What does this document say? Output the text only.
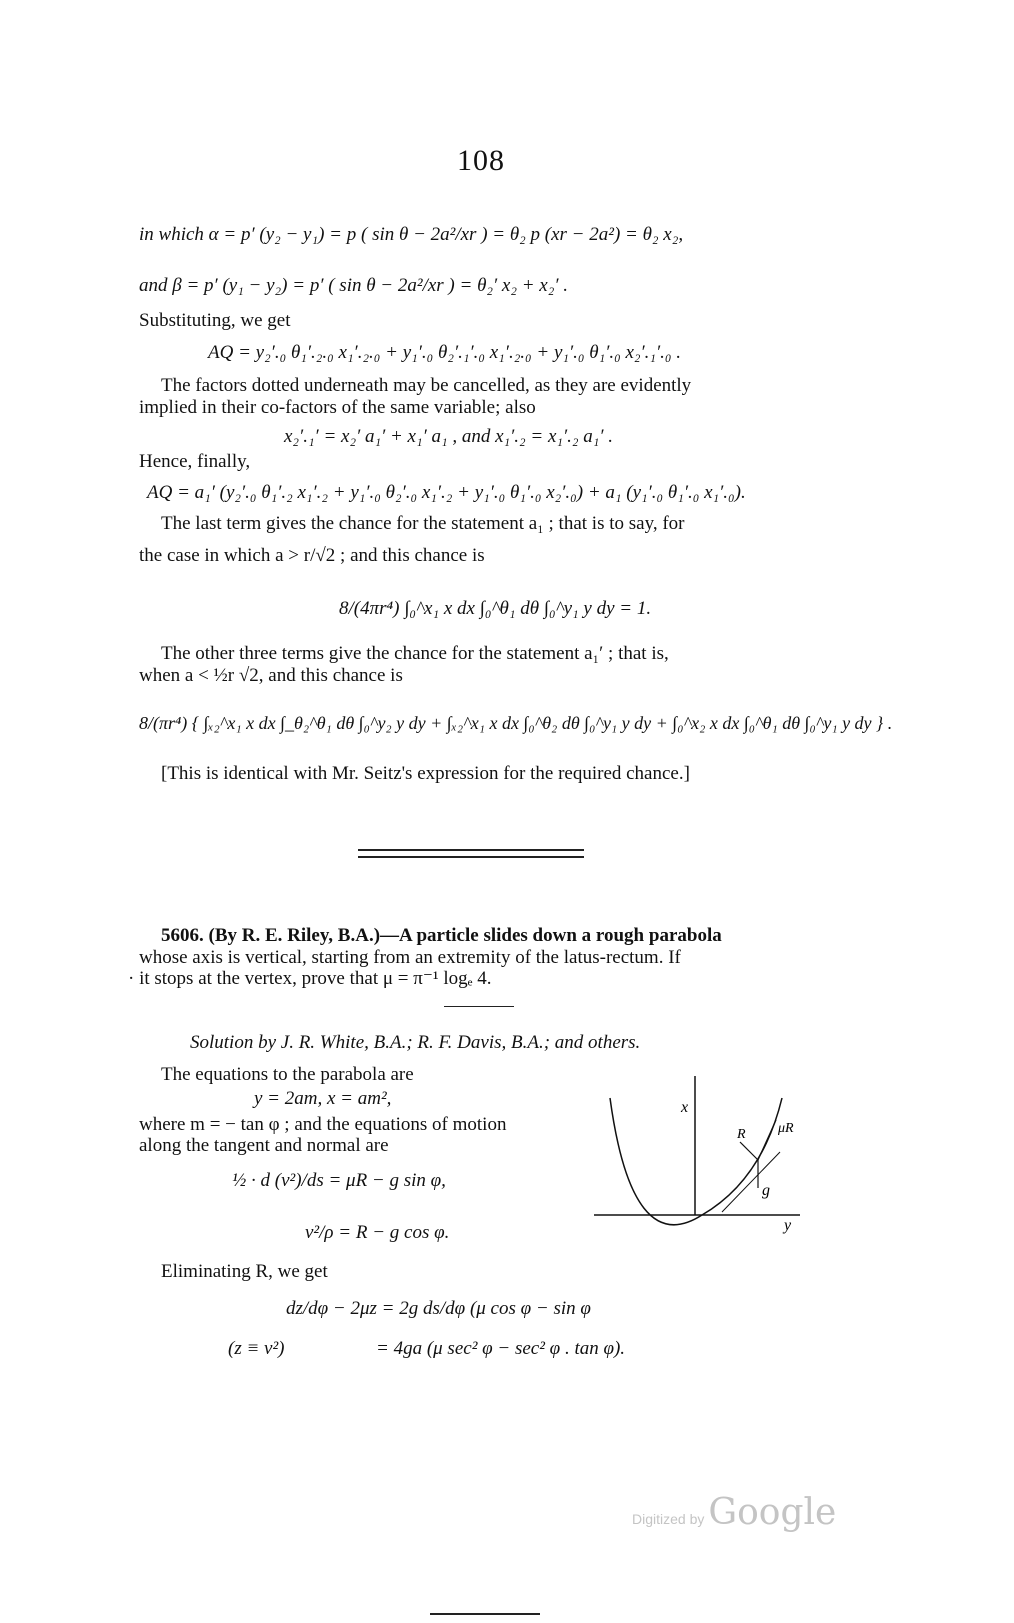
108
in which α = p′ (y₂ − y₁) = p ( sin θ − 2a²/xr ) = θ₂ p (xr − 2a²) = θ₂ x₂,
and β = p′ (y₁ − y₂) = p′ ( sin θ − 2a²/xr ) = θ₂′ x₂ + x₂′ .
Substituting, we get
AQ = y₂′.₀ θ₁′.₂.₀ x₁′.₂.₀ + y₁′.₀ θ₂′.₁′.₀ x₁′.₂.₀ + y₁′.₀ θ₁′.₀ x₂′.₁′.₀ .
The factors dotted underneath may be cancelled, as they are evidently
implied in their co-factors of the same variable; also
x₂′.₁′ = x₂′ a₁′ + x₁′ a₁ , and x₁′.₂ = x₁′.₂ a₁′ .
Hence, finally,
AQ = a₁′ (y₂′.₀ θ₁′.₂ x₁′.₂ + y₁′.₀ θ₂′.₀ x₁′.₂ + y₁′.₀ θ₁′.₀ x₂′.₀) + a₁ (y₁′.₀ θ₁′.₀ x₁′.₀).
The last term gives the chance for the statement a₁ ; that is to say, for
the case in which a > r/√2 ; and this chance is
8/(4πr⁴) ∫₀^x₁ x dx ∫₀^θ₁ dθ ∫₀^y₁ y dy = 1.
The other three terms give the chance for the statement a₁′ ; that is,
when a < ½r √2, and this chance is
8/(πr⁴) { ∫ₓ₂^x₁ x dx ∫_θ₂^θ₁ dθ ∫₀^y₂ y dy + ∫ₓ₂^x₁ x dx ∫₀^θ₂ dθ ∫₀^y₁ y dy + ∫₀^x₂ x dx ∫₀^θ₁ dθ ∫₀^y₁ y dy } .
[This is identical with Mr. Seitz's expression for the required chance.]
5606. (By R. E. Riley, B.A.)—A particle slides down a rough parabola
whose axis is vertical, starting from an extremity of the latus-rectum. If
· it stops at the vertex, prove that μ = π⁻¹ logₑ 4.
Solution by J. R. White, B.A.; R. F. Davis, B.A.; and others.
The equations to the parabola are
y = 2am, x = am²,
where m = − tan φ ; and the equations of motion
along the tangent and normal are
½ · d (v²)/ds = μR − g sin φ,
v²/ρ = R − g cos φ.
Eliminating R, we get
dz/dφ − 2μz = 2g ds/dφ (μ cos φ − sin φ
(z ≡ v²)	= 4ga (μ sec² φ − sec² φ . tan φ).
x
y
R μR
g
Digitized by Google
